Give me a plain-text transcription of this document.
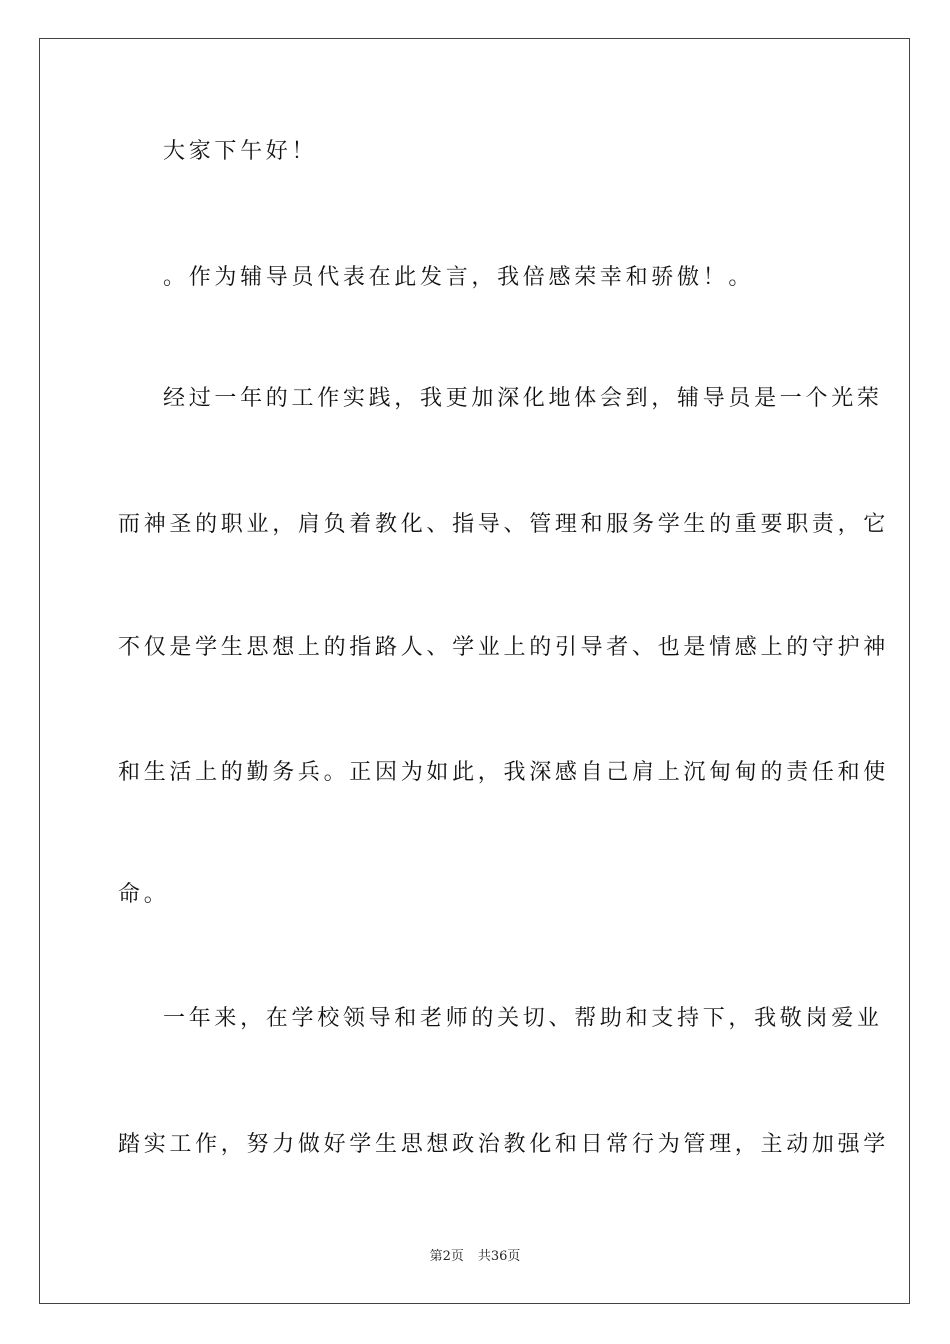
大家下午好！
。作为辅导员代表在此发言，我倍感荣幸和骄傲！。
经过一年的工作实践，我更加深化地体会到，辅导员是一个光荣
而神圣的职业，肩负着教化、指导、管理和服务学生的重要职责，它
不仅是学生思想上的指路人、学业上的引导者、也是情感上的守护神
和生活上的勤务兵。正因为如此，我深感自己肩上沉甸甸的责任和使
命。
一年来，在学校领导和老师的关切、帮助和支持下，我敬岗爱业
踏实工作，努力做好学生思想政治教化和日常行为管理，主动加强学
第2页 共36页
